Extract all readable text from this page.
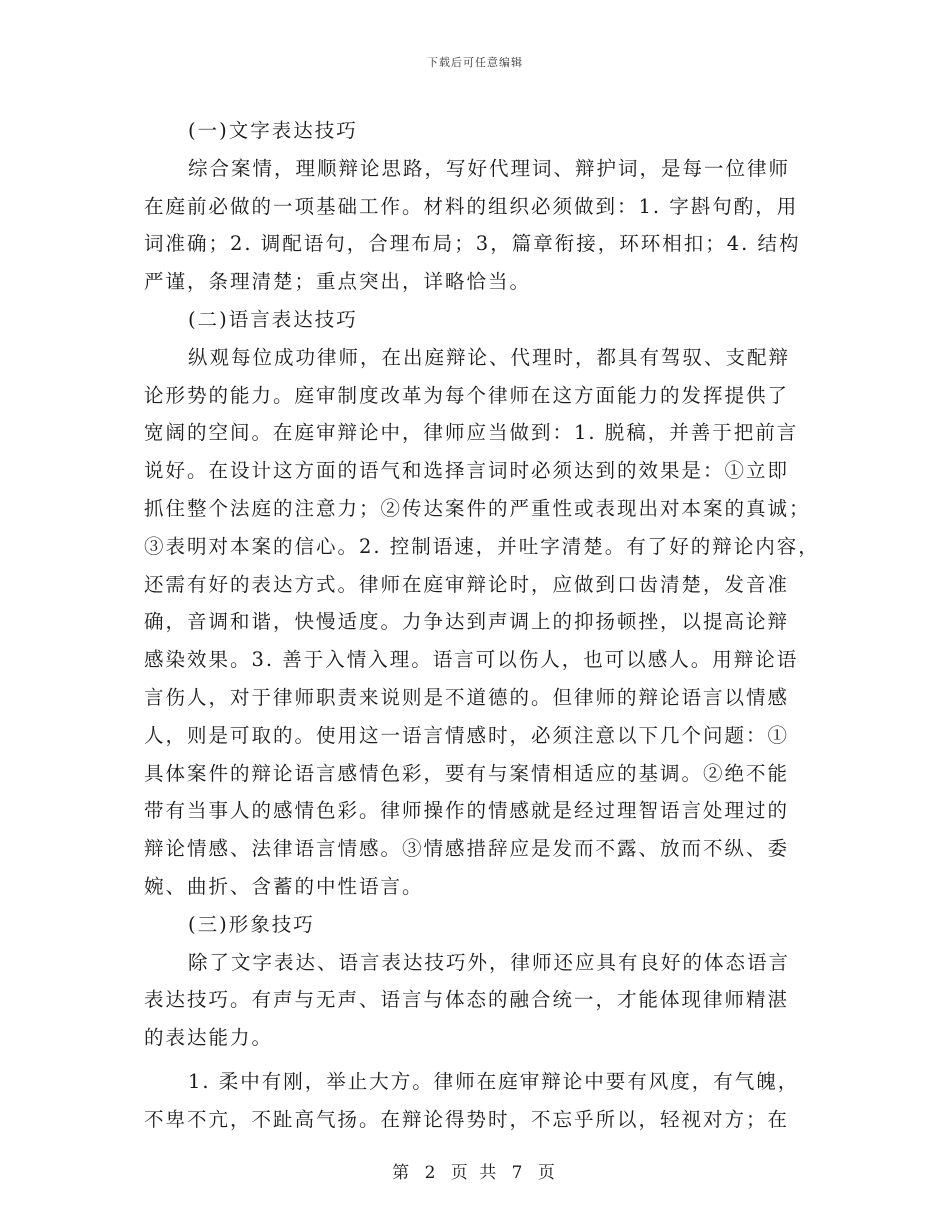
下载后可任意编辑
(一)文字表达技巧
综合案情，理顺辩论思路，写好代理词、辩护词，是每一位律师
在庭前必做的一项基础工作。材料的组织必须做到：1. 字斟句酌，用
词准确；2. 调配语句，合理布局；3，篇章衔接，环环相扣；4. 结构
严谨，条理清楚；重点突出，详略恰当。
(二)语言表达技巧
纵观每位成功律师，在出庭辩论、代理时，都具有驾驭、支配辩
论形势的能力。庭审制度改革为每个律师在这方面能力的发挥提供了
宽阔的空间。在庭审辩论中，律师应当做到：1. 脱稿，并善于把前言
说好。在设计这方面的语气和选择言词时必须达到的效果是：①立即
抓住整个法庭的注意力；②传达案件的严重性或表现出对本案的真诚；
③表明对本案的信心。2. 控制语速，并吐字清楚。有了好的辩论内容，
还需有好的表达方式。律师在庭审辩论时，应做到口齿清楚，发音准
确，音调和谐，快慢适度。力争达到声调上的抑扬顿挫，以提高论辩
感染效果。3. 善于入情入理。语言可以伤人，也可以感人。用辩论语
言伤人，对于律师职责来说则是不道德的。但律师的辩论语言以情感
人，则是可取的。使用这一语言情感时，必须注意以下几个问题：①
具体案件的辩论语言感情色彩，要有与案情相适应的基调。②绝不能
带有当事人的感情色彩。律师操作的情感就是经过理智语言处理过的
辩论情感、法律语言情感。③情感措辞应是发而不露、放而不纵、委
婉、曲折、含蓄的中性语言。
(三)形象技巧
除了文字表达、语言表达技巧外，律师还应具有良好的体态语言
表达技巧。有声与无声、语言与体态的融合统一，才能体现律师精湛
的表达能力。
1. 柔中有刚，举止大方。律师在庭审辩论中要有风度，有气魄，
不卑不亢，不趾高气扬。在辩论得势时，不忘乎所以，轻视对方；在
第 2 页 共 7 页
